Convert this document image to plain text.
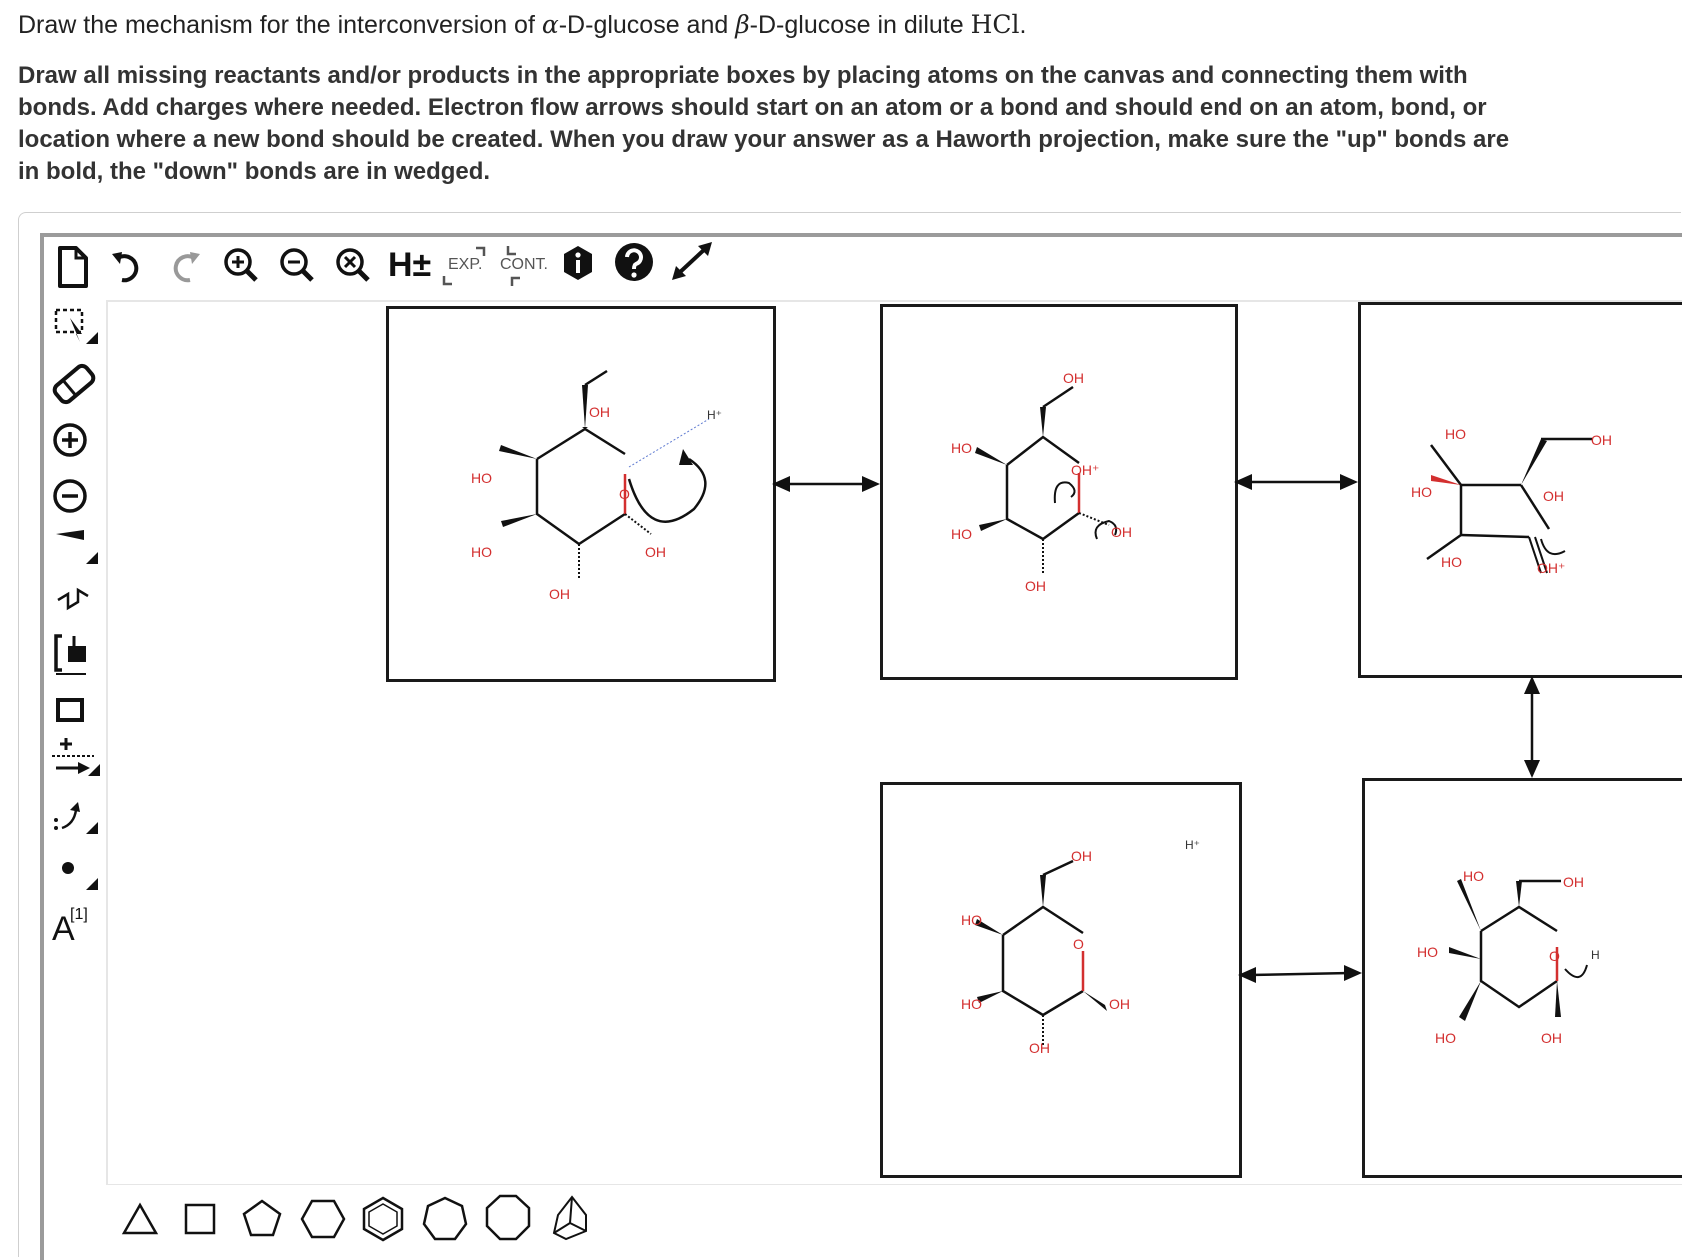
Draw the mechanism for the interconversion of α-D-glucose and β-D-glucose in dilute HCl.
Draw all missing reactants and/or products in the appropriate boxes by placing atoms on the canvas and connecting them with bonds. Add charges where needed. Electron flow arrows should start on an atom or a bond and should end on an atom, bond, or location where a new bond should be created. When you draw your answer as a Haworth projection, make sure the "up" bonds are in bold, the "down" bonds are in wedged.
H± EXP. CONT.
A
[1]
OH	H⁺
HO
O
HO	OH
OH
OH
HO
OH⁺
HO	OH
OH
HO	OH
HO	OH
HO	OH⁺
OH
H⁺
HO
O
HO	OH
OH
HO	OH
HO	O	H
HO	OH
